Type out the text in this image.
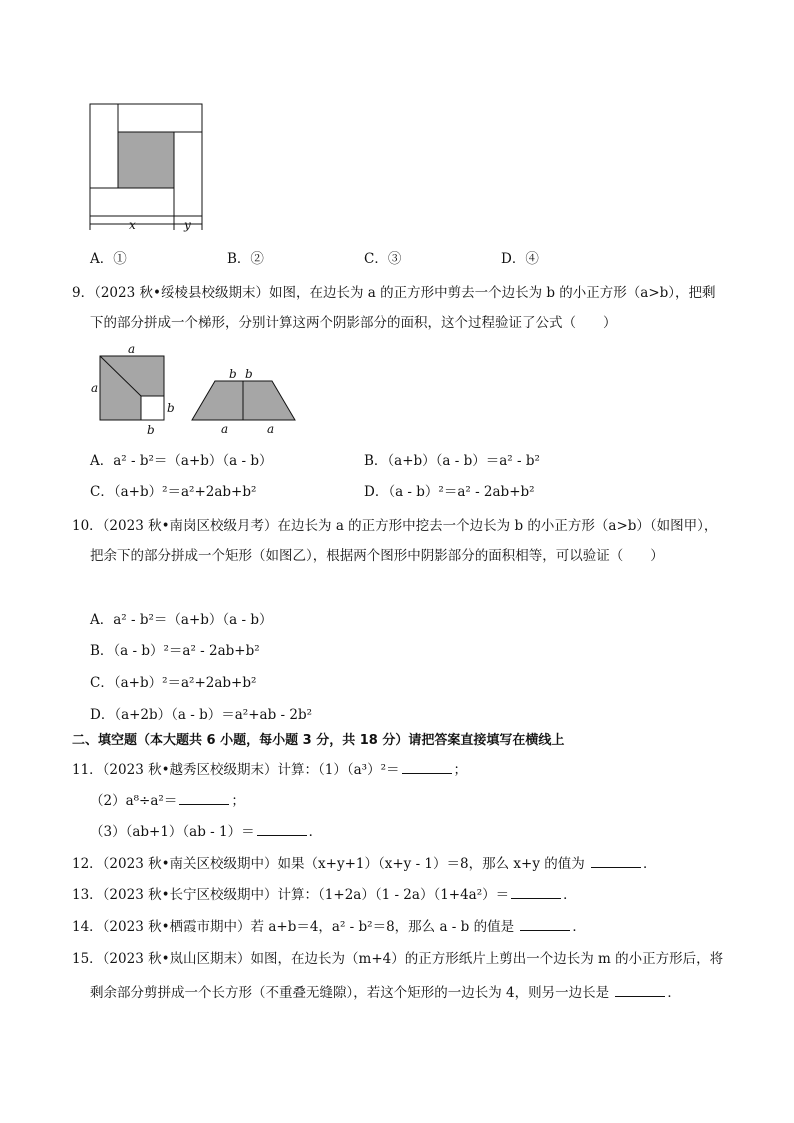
x	y
A．①	B．②	C．③	D．④
9．（2023 秋•绥棱县校级期末）如图，在边长为 a 的正方形中剪去一个边长为 b 的小正方形（a>b），把剩
下的部分拼成一个梯形，分别计算这两个阴影部分的面积，这个过程验证了公式（　　）
a
a
b
b
b b
a	a
A．a² - b²＝（a+b）（a - b）	B．（a+b）（a - b）＝a² - b²
C．（a+b）²＝a²+2ab+b²	D．（a - b）²＝a² - 2ab+b²
10．（2023 秋•南岗区校级月考）在边长为 a 的正方形中挖去一个边长为 b 的小正方形（a>b）（如图甲），
把余下的部分拼成一个矩形（如图乙），根据两个图形中阴影部分的面积相等，可以验证（　　）
A．a² - b²＝（a+b）（a - b）
B．（a - b）²＝a² - 2ab+b²
C．（a+b）²＝a²+2ab+b²
D．（a+2b）（a - b）＝a²+ab - 2b²
二、填空题（本大题共 6 小题，每小题 3 分，共 18 分）请把答案直接填写在横线上
11．（2023 秋•越秀区校级期末）计算：（1）（a³）²＝	；
（2）a⁸÷a²＝	；
（3）（ab+1）（ab - 1）＝	．
12．（2023 秋•南关区校级期中）如果（x+y+1）（x+y - 1）＝8，那么 x+y 的值为	．
13．（2023 秋•长宁区校级期中）计算：（1+2a）（1 - 2a）（1+4a²）＝	．
14．（2023 秋•栖霞市期中）若 a+b＝4，a² - b²＝8，那么 a - b 的值是	．
15．（2023 秋•岚山区期末）如图，在边长为（m+4）的正方形纸片上剪出一个边长为 m 的小正方形后，将
剩余部分剪拼成一个长方形（不重叠无缝隙），若这个矩形的一边长为 4，则另一边长是	．
